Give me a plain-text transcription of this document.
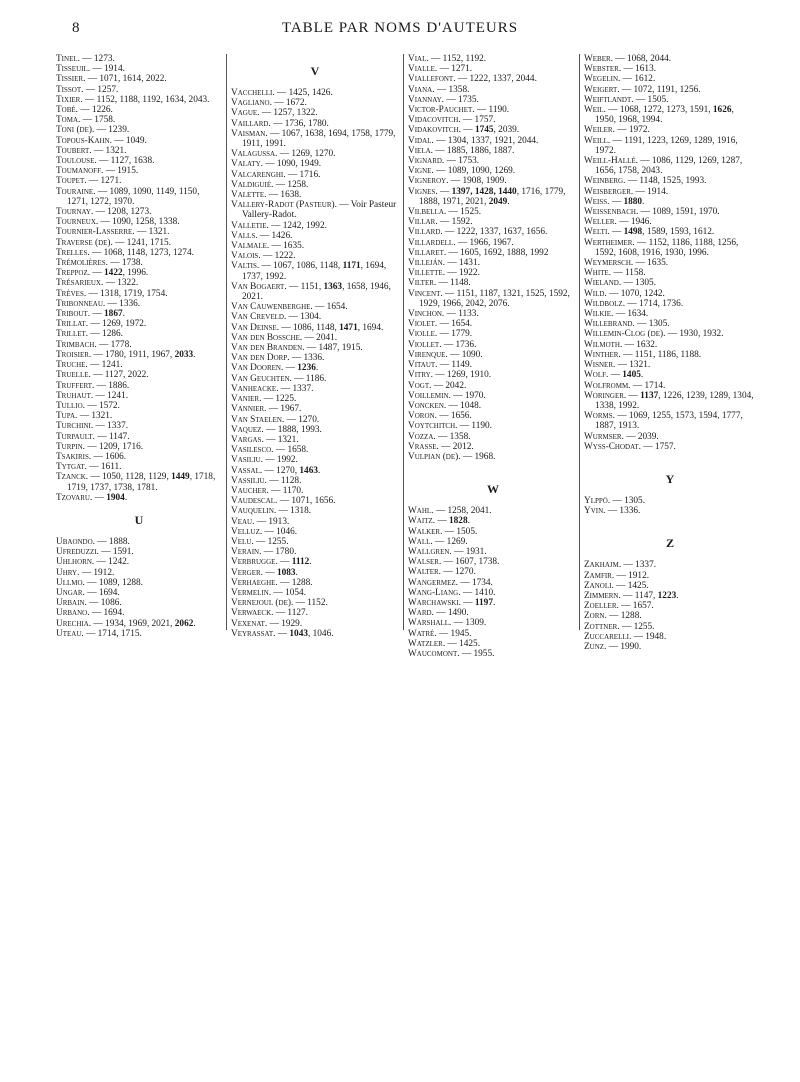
8	TABLE PAR NOMS D'AUTEURS
Tinel. — 1273.
Tisseuil. — 1914.
Tissier. — 1071, 1614, 2022.
Tissot. — 1257.
Tixier. — 1152, 1188, 1192, 1634, 2043.
Tobé. — 1226.
Toma. — 1758.
Toni (de). — 1239.
Topous-Kahn. — 1049.
Toubert. — 1321.
Toulouse. — 1127, 1638.
Toumanoff. — 1915.
Toupet. — 1271.
Touraine. — 1089, 1090, 1149, 1150, 1271, 1272, 1970.
Tournay. — 1208, 1273.
Tourneux. — 1090, 1258, 1338.
Tournier-Lasserre. — 1321.
Traverse (de). — 1241, 1715.
Trelles. — 1068, 1148, 1273, 1274.
Trémolières. — 1738.
Treppoz. — 1422, 1996.
Trésarieux. — 1322.
Trèves. — 1318, 1719, 1754.
Tribonneau. — 1336.
Tribout. — 1867.
Trillat. — 1269, 1972.
Trillet. — 1286.
Trimbach. — 1778.
Troisier. — 1780, 1911, 1967, 2033.
Truche. — 1241.
Truelle. — 1127, 2022.
Truffert. — 1886.
Truhaut. — 1241.
Tullio. — 1572.
Tupa. — 1321.
Turchini. — 1337.
Turpault. — 1147.
Turpin. — 1209, 1716.
Tsakiris. — 1606.
Tytgat. — 1611.
Tzanck. — 1050, 1128, 1129, 1449, 1718, 1719, 1737, 1738, 1781.
Tzovaru. — 1904.
U
Ubaondo. — 1888.
Ufreduzzi. — 1591.
Uhlhorn. — 1242.
Uhry. — 1912.
Ullmo. — 1089, 1288.
Ungar. — 1694.
Urbain. — 1086.
Urbano. — 1694.
Urechia. — 1934, 1969, 2021, 2062.
Uteau. — 1714, 1715.
V
Vacchelli. — 1425, 1426.
Vagliano. — 1672.
Vague. — 1257, 1322.
Vaillard. — 1736, 1780.
Vaisman. — 1067, 1638, 1694, 1758, 1779, 1911, 1991.
Valagussa. — 1269, 1270.
Valaty. — 1090, 1949.
Valcarenghi. — 1716.
Valdiguié. — 1258.
Valette. — 1638.
Vallery-Radot (Pasteur). — Voir Pasteur Vallery-Radot.
Valletie. — 1242, 1992.
Valls. — 1426.
Valmale. — 1635.
Valois. — 1222.
Valtis. — 1067, 1086, 1148, 1171, 1694, 1737, 1992.
Van Bogaert. — 1151, 1363, 1658, 1946, 2021.
Van Cauwenberghe. — 1654.
Van Creveld. — 1304.
Van Deinse. — 1086, 1148, 1471, 1694.
Van den Bossche. — 2041.
Van den Branden. — 1487, 1915.
Van den Dorp. — 1336.
Van Dooren. — 1236.
Van Geuchten. — 1186.
Vanheacke. — 1337.
Vanier. — 1225.
Vannier. — 1967.
Van Staelen. — 1270.
Vaquez. — 1888, 1993.
Vargas. — 1321.
Vasilesco. — 1658.
Vasiliu. — 1992.
Vassal. — 1270, 1463.
Vassiliu. — 1128.
Vaucher. — 1170.
Vaudescal. — 1071, 1656.
Vauquelin. — 1318.
Veau. — 1913.
Velluz. — 1046.
Velu. — 1255.
Verain. — 1780.
Verbrugge. — 1112.
Verger. — 1083.
Verhaeghe. — 1288.
Vermelin. — 1054.
Vernejoul (de). — 1152.
Verwaeck. — 1127.
Vexenat. — 1929.
Veyrassat. — 1043, 1046.
Vial. — 1152, 1192.
Vialle. — 1271.
Viallefont. — 1222, 1337, 2044.
Viana. — 1358.
Viannay. — 1735.
Victor-Pauchet. — 1190.
Vidacovitch. — 1757.
Vidakovitch. — 1745, 2039.
Vidal. — 1304, 1337, 1921, 2044.
Viela. — 1885, 1886, 1887.
Vignard. — 1753.
Vigne. — 1089, 1090, 1269.
Vigneroy. — 1908, 1909.
Vignes. — 1397, 1428, 1440, 1716, 1779, 1888, 1971, 2021, 2049.
Vilbella. — 1525.
Villar. — 1592.
Villard. — 1222, 1337, 1637, 1656.
Villardell. — 1966, 1967.
Villaret. — 1605, 1692, 1888, 1992
Villeján. — 1431.
Villette. — 1922.
Vilter. — 1148.
Vincent. — 1151, 1187, 1321, 1525, 1592, 1929, 1966, 2042, 2076.
Vinchon. — 1133.
Violet. — 1654.
Violle. — 1779.
Viollet. — 1736.
Virenque. — 1090.
Vitaut. — 1149.
Vitry. — 1269, 1910.
Vogt. — 2042.
Voillemin. — 1970.
Voncken. — 1048.
Voron. — 1656.
Voytchitch. — 1190.
Vozza. — 1358.
Vrasse. — 2012.
Vulpian (de). — 1968.
W
Wahl. — 1258, 2041.
Waitz. — 1828.
Walker. — 1505.
Wall. — 1269.
Wallgren. — 1931.
Walser. — 1607, 1738.
Walter. — 1270.
Wangermez. — 1734.
Wang-Liang. — 1410.
Warchawski. — 1197.
Ward. — 1490.
Warshall. — 1309.
Watré. — 1945.
Watzler. — 1425.
Waucomont. — 1955.
Weber. — 1068, 2044.
Webster. — 1613.
Wegelin. — 1612.
Weigert. — 1072, 1191, 1256.
Weiftlandt. — 1505.
Weil. — 1068, 1272, 1273, 1591, 1626, 1950, 1968, 1994.
Weiler. — 1972.
Weill. — 1191, 1223, 1269, 1289, 1916, 1972.
Weill-Hallé. — 1086, 1129, 1269, 1287, 1656, 1758, 2043.
Weinberg. — 1148, 1525, 1993.
Weisberger. — 1914.
Weiss. — 1880.
Weissenbach. — 1089, 1591, 1970.
Weller. — 1946.
Welti. — 1498, 1589, 1593, 1612.
Wertheimer. — 1152, 1186, 1188, 1256, 1592, 1608, 1916, 1930, 1996.
Weymersch. — 1635.
White. — 1158.
Wieland. — 1305.
Wild. — 1070, 1242.
Wildbolz. — 1714, 1736.
Wilkie. — 1634.
Willebrand. — 1305.
Willemin-Clog (de). — 1930, 1932.
Wilmoth. — 1632.
Winther. — 1151, 1186, 1188.
Wisner. — 1321.
Wolf. — 1405.
Wolfromm. — 1714.
Woringer. — 1137, 1226, 1239, 1289, 1304, 1338, 1992.
Worms. — 1069, 1255, 1573, 1594, 1777, 1887, 1913.
Wurmser. — 2039.
Wyss-Chodat. — 1757.
Y
Ylppö. — 1305.
Yvin. — 1336.
Z
Zakhajm. — 1337.
Zamfir. — 1912.
Zanoli. — 1425.
Zimmern. — 1147, 1223.
Zoeller. — 1657.
Zorn. — 1288.
Zottner. — 1255.
Zuccarelli. — 1948.
Zunz. — 1990.
